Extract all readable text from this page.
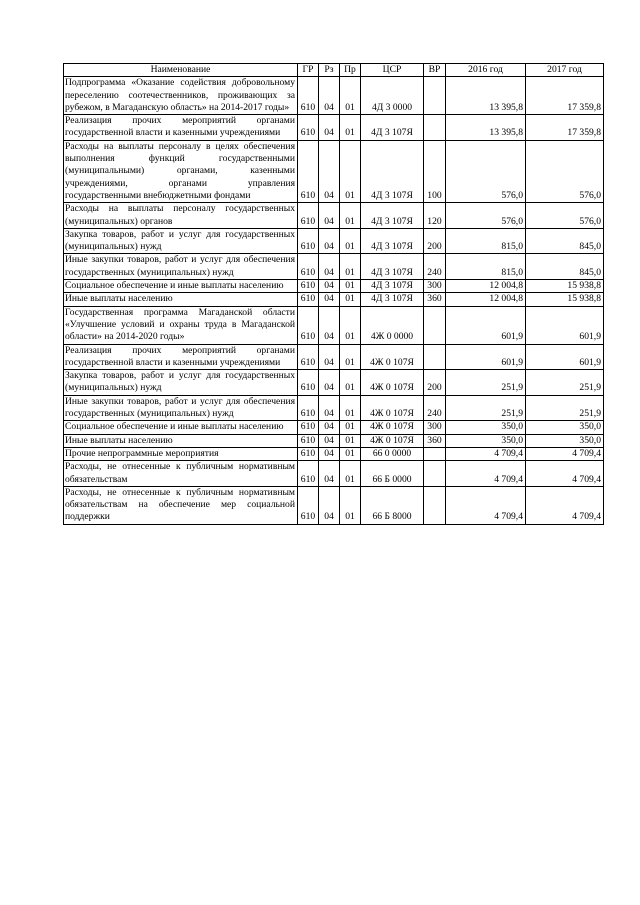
Наименование	ГР	Рз	Пр	ЦСР	ВР	2016 год	2017 год
Подпрограмма «Оказание содействия добровольному переселению соотечественников, проживающих за рубежом, в Магаданскую область» на 2014-2017 годы»	610	04	01	4Д 3 0000		13 395,8	17 359,8
Реализация прочих мероприятий органами государственной власти и казенными учреждениями	610	04	01	4Д 3 107Я		13 395,8	17 359,8
Расходы на выплаты персоналу в целях обеспечения выполнения функций государственными (муниципальными) органами, казенными учреждениями, органами управления государственными внебюджетными фондами	610	04	01	4Д 3 107Я	100	576,0	576,0
Расходы на выплаты персоналу государственных (муниципальных) органов	610	04	01	4Д 3 107Я	120	576,0	576,0
Закупка товаров, работ и услуг для государственных (муниципальных) нужд	610	04	01	4Д 3 107Я	200	815,0	845,0
Иные закупки товаров, работ и услуг для обеспечения государственных (муниципальных) нужд	610	04	01	4Д 3 107Я	240	815,0	845,0
Социальное обеспечение и иные выплаты населению	610	04	01	4Д 3 107Я	300	12 004,8	15 938,8
Иные выплаты населению	610	04	01	4Д 3 107Я	360	12 004,8	15 938,8
Государственная программа Магаданской области «Улучшение условий и охраны труда в Магаданской области» на 2014-2020 годы»	610	04	01	4Ж 0 0000		601,9	601,9
Реализация прочих мероприятий органами государственной власти и казенными учреждениями	610	04	01	4Ж 0 107Я		601,9	601,9
Закупка товаров, работ и услуг для государственных (муниципальных) нужд	610	04	01	4Ж 0 107Я	200	251,9	251,9
Иные закупки товаров, работ и услуг для обеспечения государственных (муниципальных) нужд	610	04	01	4Ж 0 107Я	240	251,9	251,9
Социальное обеспечение и иные выплаты населению	610	04	01	4Ж 0 107Я	300	350,0	350,0
Иные выплаты населению	610	04	01	4Ж 0 107Я	360	350,0	350,0
Прочие непрограммные мероприятия	610	04	01	66 0 0000		4 709,4	4 709,4
Расходы, не отнесенные к публичным нормативным обязательствам	610	04	01	66 Б 0000		4 709,4	4 709,4
Расходы, не отнесенные к публичным нормативным обязательствам на обеспечение мер социальной поддержки	610	04	01	66 Б 8000		4 709,4	4 709,4
